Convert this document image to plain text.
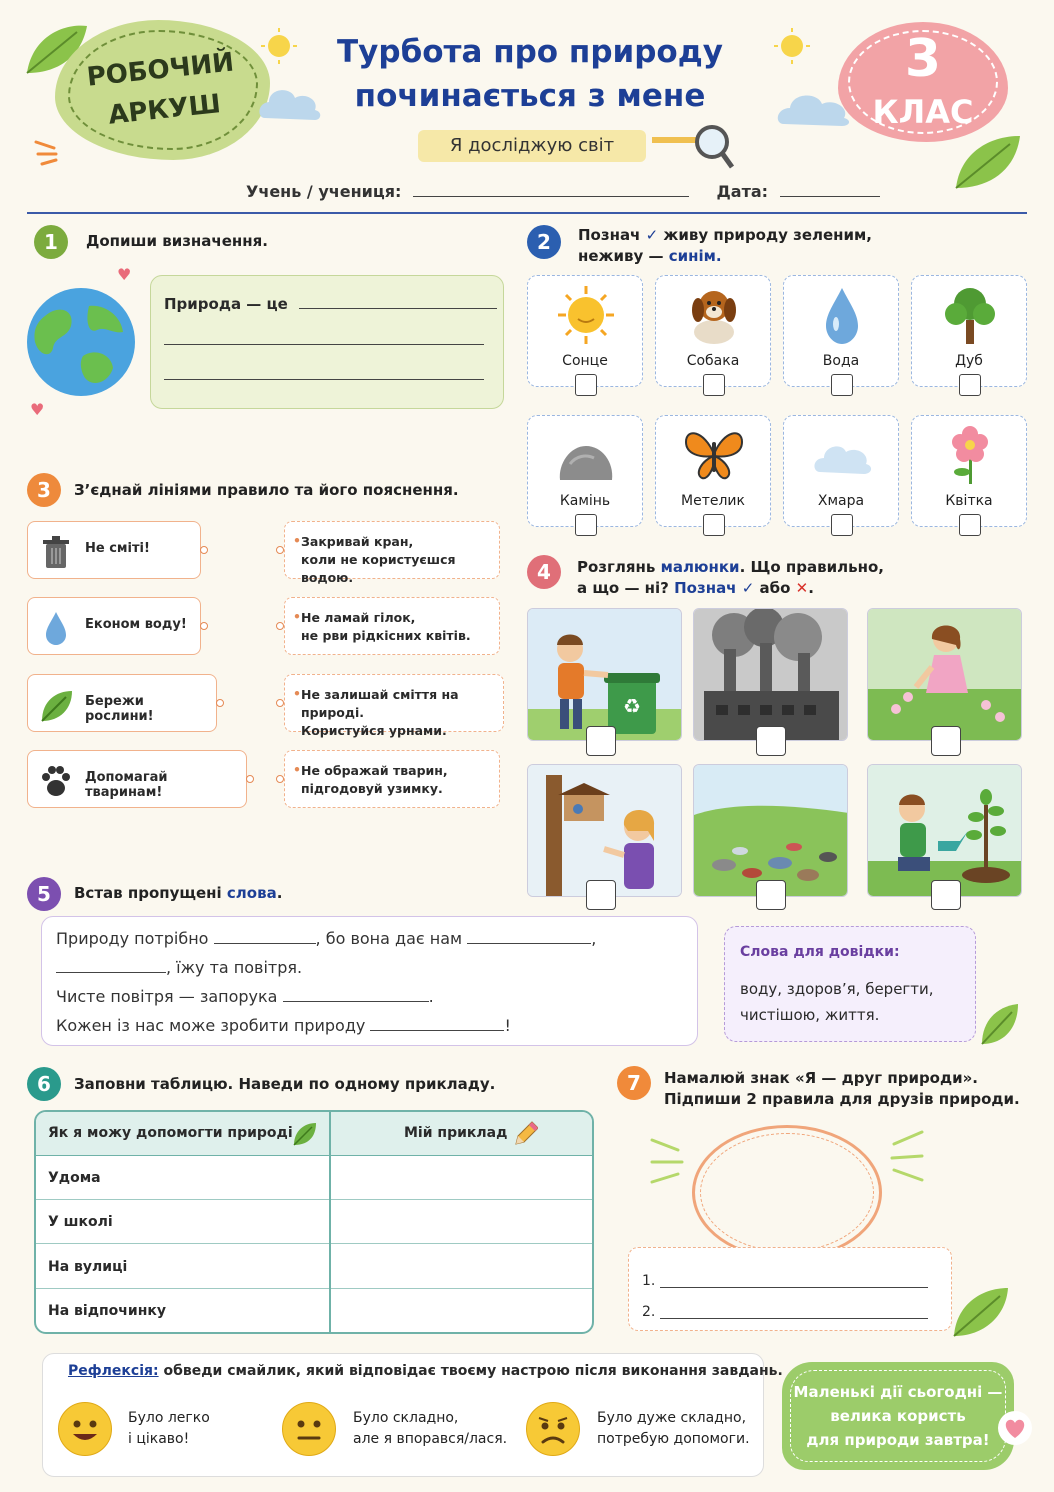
РОБОЧИЙ
АРКУШ
Турбота про природу
починається з мене
Я досліджую світ
3
КЛАС
Учень / учениця:	Дата:
1	Допиши визначення.
♥
♥
Природа — це
2	Познач ✓ живу природу зеленим,
неживу — синім.
Сонце	Собака	Вода	Дуб
Камінь	Метелик	Хмара	Квітка
3	З’єднай лініями правило та його пояснення.
Не смітi!
Економ воду!
Бережи рослини!
Допомагай тваринам!
• Закривай кран,
коли не користуєшся водою.
• Не ламай гілок,
не рви рідкісних квітів.
• Не залишай сміття на природі.
Користуйся урнами.
• Не ображай тварин,
підгодовуй узимку.
4	Розглянь малюнки. Що правильно,
а що — ні? Познач ✓ або ✕.
♻
5	Встав пропущені слова.
Природу потрібно	, бо вона дає нам	,
, їжу та повітря.
Чисте повітря — запорука	.
Кожен із нас може зробити природу	!
Слова для довідки:
воду, здоров’я, берегти,
чистішою, життя.
6	Заповни таблицю. Наведи по одному прикладу.
Як я можу допомогти природі	Мій приклад
Удома
У школі
На вулиці
На відпочинку
7	Намалюй знак «Я — друг природи».
Підпиши 2 правила для друзів природи.
1.
2.
Рефлексія: обведи смайлик, який відповідає твоєму настрою після виконання завдань.
Було легко
і цікаво!
Було складно,
але я впорався/лася.
Було дуже складно,
потребую допомоги.
Маленькі дії сьогодні —
велика користь
для природи завтра!
